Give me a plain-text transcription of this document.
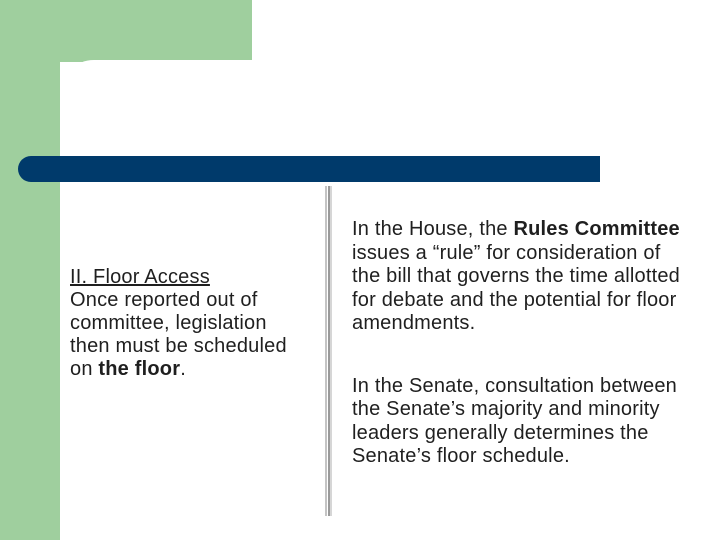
II. Floor Access
Once reported out of committee, legislation then must be scheduled on the floor.
In the House, the Rules Committee issues a “rule” for consideration of the bill that governs the time allotted for debate and the potential for floor amendments.
In the Senate, consultation between the Senate’s majority and minority leaders generally determines the Senate’s floor schedule.
